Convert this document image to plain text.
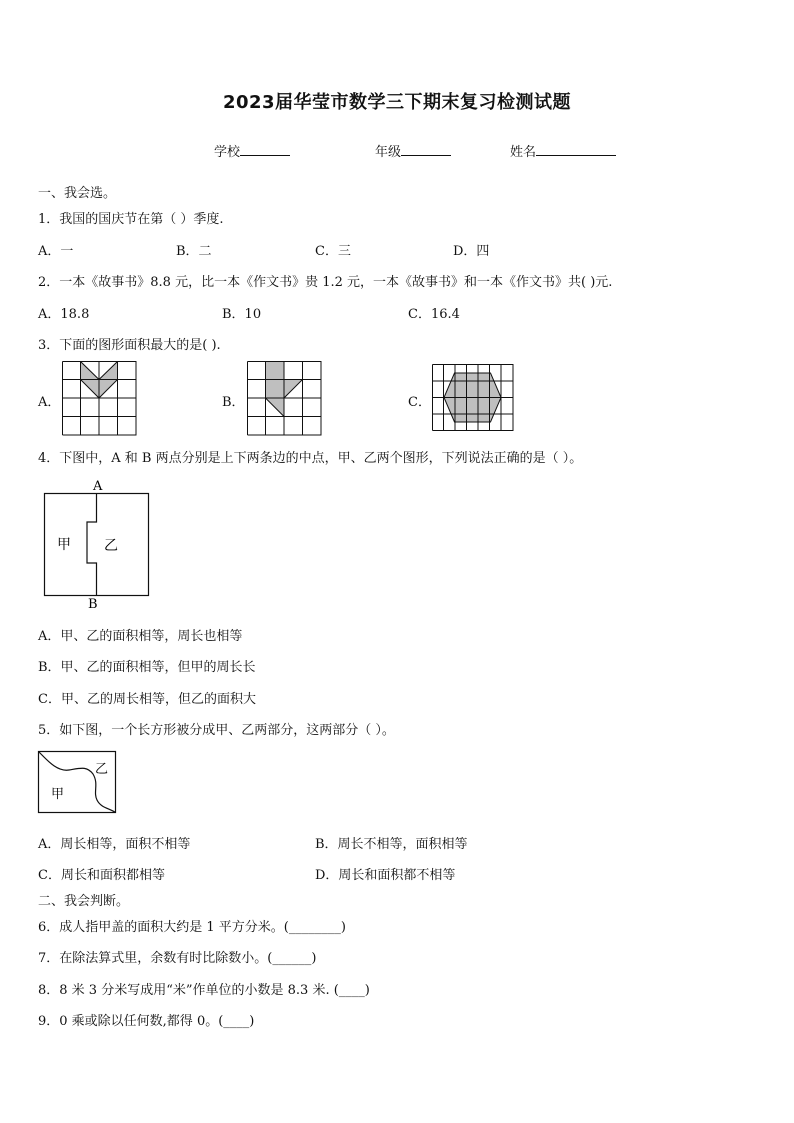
2023届华莹市数学三下期末复习检测试题
学校	年级	姓名
一、我会选。
1．我国的国庆节在第（ ）季度.
A．一	B．二	C．三	D．四
2．一本《故事书》8.8 元，比一本《作文书》贵 1.2 元，一本《故事书》和一本《作文书》共( )元.
A．18.8	B．10	C．16.4
3．下面的图形面积最大的是( ).
A．	B．	C．
4．下图中，A 和 B 两点分别是上下两条边的中点，甲、乙两个图形，下列说法正确的是（ ）。
A
B
甲 乙
A．甲、乙的面积相等，周长也相等
B．甲、乙的面积相等，但甲的周长长
C．甲、乙的周长相等，但乙的面积大
5．如下图，一个长方形被分成甲、乙两部分，这两部分（ ）。
乙
甲
A．周长相等，面积不相等	B．周长不相等，面积相等
C．周长和面积都相等	D．周长和面积都不相等
二、我会判断。
6．成人指甲盖的面积大约是 1 平方分米。(________)
7．在除法算式里，余数有时比除数小。(______)
8．8 米 3 分米写成用“米”作单位的小数是 8.3 米. (____)
9．0 乘或除以任何数,都得 0。(____)
